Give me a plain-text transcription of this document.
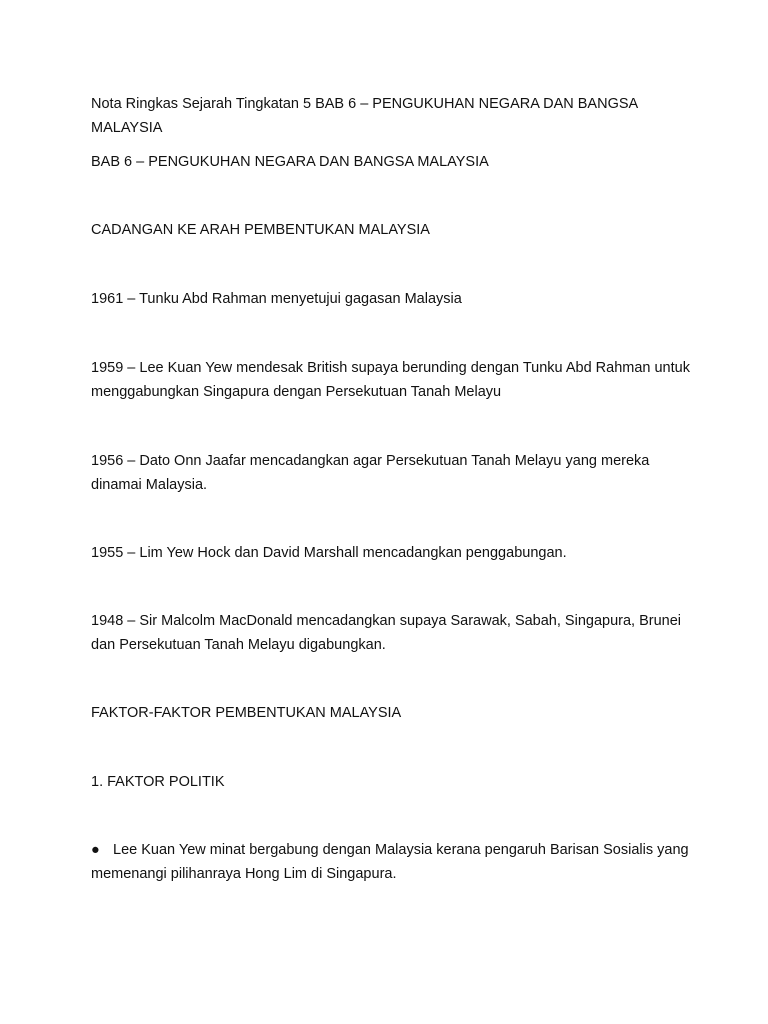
Nota Ringkas Sejarah Tingkatan 5 BAB 6 – PENGUKUHAN NEGARA DAN BANGSA MALAYSIA

BAB 6 – PENGUKUHAN NEGARA DAN BANGSA MALAYSIA

CADANGAN KE ARAH PEMBENTUKAN MALAYSIA

1961 – Tunku Abd Rahman menyetujui gagasan Malaysia

1959 – Lee Kuan Yew mendesak British supaya berunding dengan Tunku Abd Rahman untuk menggabungkan Singapura dengan Persekutuan Tanah Melayu

1956 – Dato Onn Jaafar mencadangkan agar Persekutuan Tanah Melayu yang mereka dinamai Malaysia.

1955 – Lim Yew Hock dan David Marshall mencadangkan penggabungan.

1948 – Sir Malcolm MacDonald mencadangkan supaya Sarawak, Sabah, Singapura, Brunei dan Persekutuan Tanah Melayu digabungkan.

FAKTOR-FAKTOR PEMBENTUKAN MALAYSIA

1. FAKTOR POLITIK

● Lee Kuan Yew minat bergabung dengan Malaysia kerana pengaruh Barisan Sosialis yang memenangi pilihanraya Hong Lim di Singapura.
